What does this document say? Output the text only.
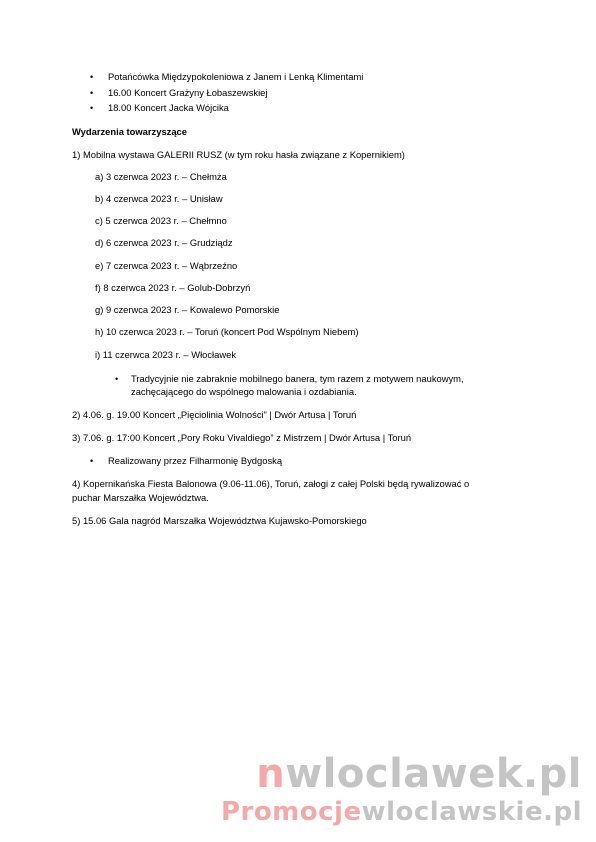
• Potańcówka Międzypokoleniowa z Janem i Lenką Klimentami

• 16.00 Koncert Grażyny Łobaszewskiej

• 18.00 Koncert Jacka Wójcika

Wydarzenia towarzyszące

1) Mobilna wystawa GALERII RUSZ (w tym roku hasła związane z Kopernikiem)

a) 3 czerwca 2023 r. – Chełmża

b) 4 czerwca 2023 r. – Unisław

c) 5 czerwca 2023 r. – Chełmno

d) 6 czerwca 2023 r. – Grudziądz

e) 7 czerwca 2023 r. – Wąbrzeźno

f) 8 czerwca 2023 r. – Golub-Dobrzyń

g) 9 czerwca 2023 r. – Kowalewo Pomorskie

h) 10 czerwca 2023 r. – Toruń (koncert Pod Wspólnym Niebem)

i) 11 czerwca 2023 r. – Włocławek

• Tradycyjnie nie zabraknie mobilnego banera, tym razem z motywem naukowym,

zachęcającego do wspólnego malowania i ozdabiania.

2) 4.06. g. 19.00 Koncert „Pięciolinia Wolności” | Dwór Artusa | Toruń

3) 7.06. g. 17:00 Koncert „Pory Roku Vivaldiego” z Mistrzem | Dwór Artusa | Toruń

• Realizowany przez Filharmonię Bydgoską

4) Kopernikańska Fiesta Balonowa (9.06-11.06), Toruń, załogi z całej Polski będą rywalizować o

puchar Marszałka Województwa.

5) 15.06 Gala nagród Marszałka Województwa Kujawsko-Pomorskiego

nwloclawek.pl
Promocjewloclawskie.pl
